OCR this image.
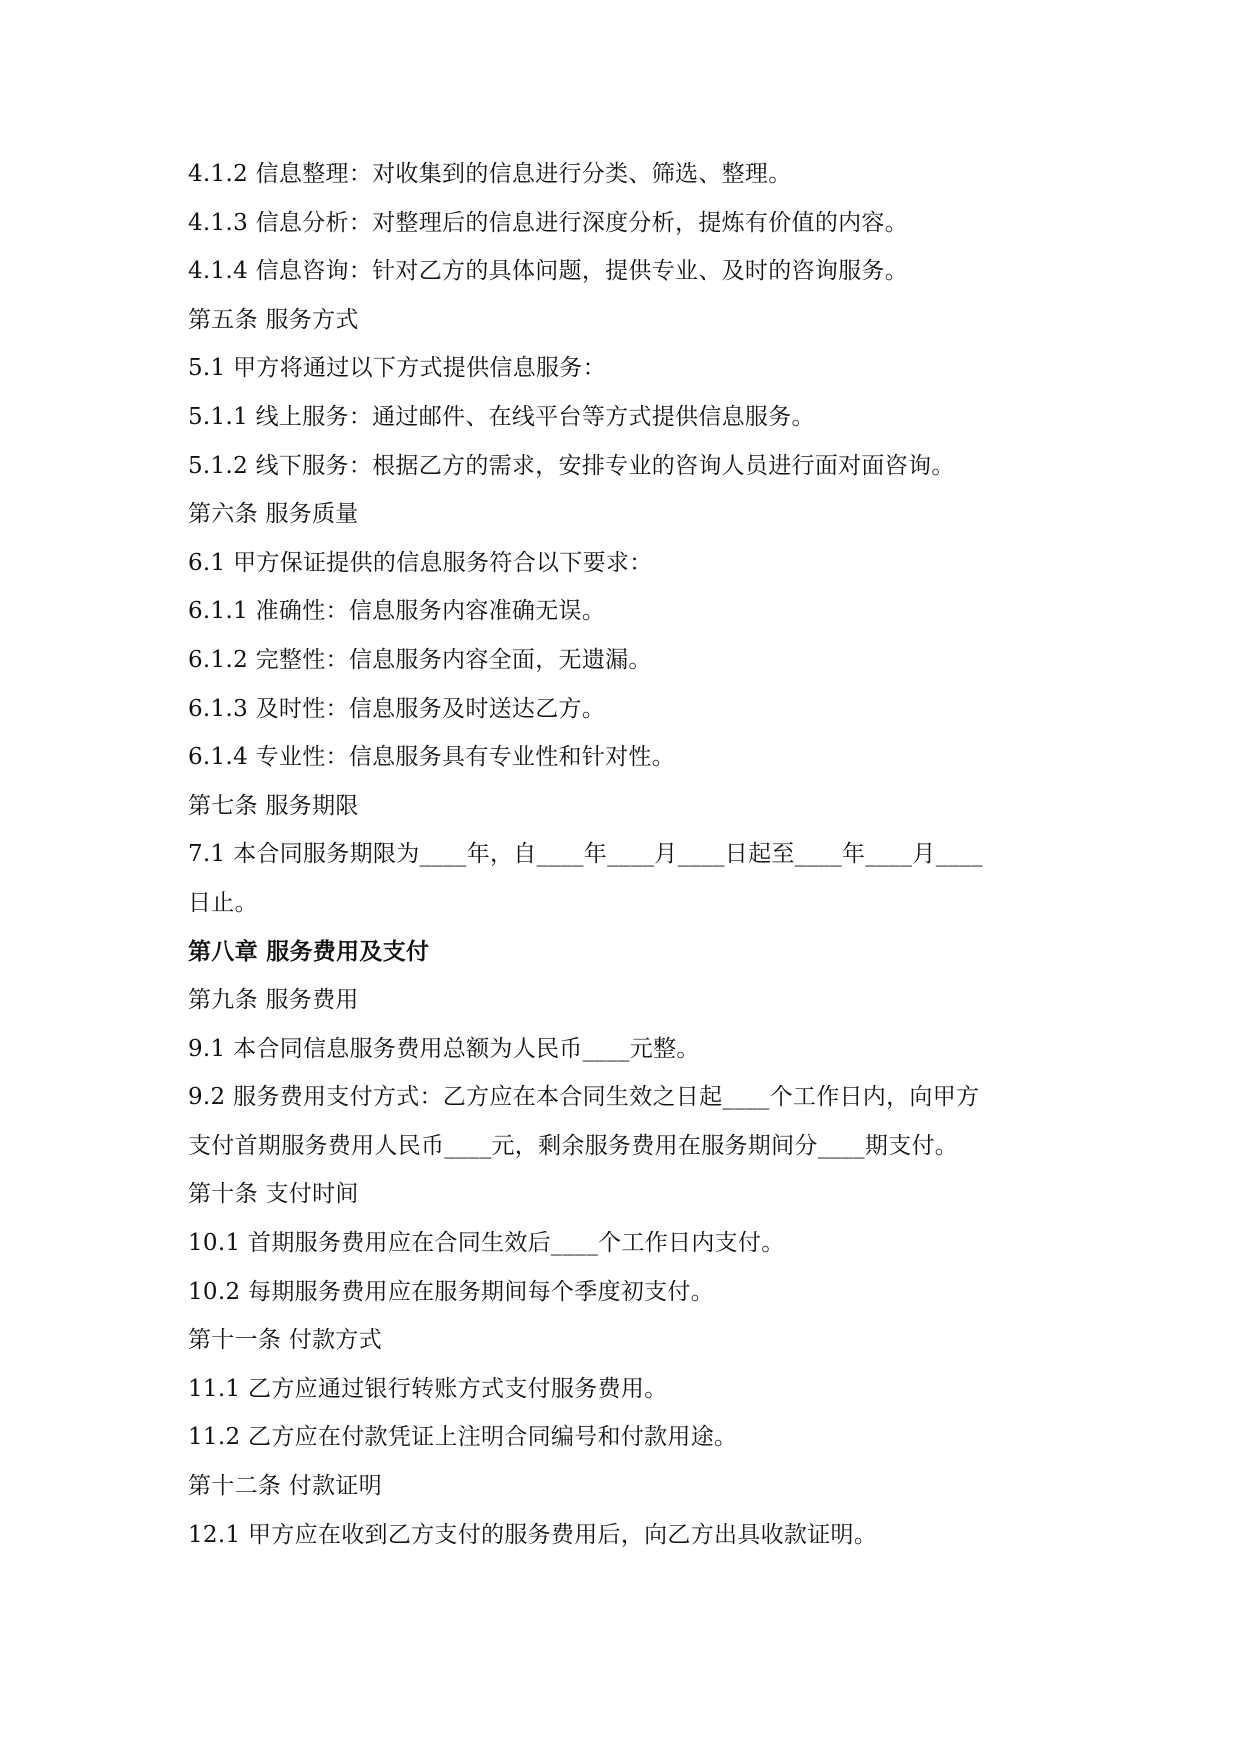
4.1.2 信息整理：对收集到的信息进行分类、筛选、整理。
4.1.3 信息分析：对整理后的信息进行深度分析，提炼有价值的内容。
4.1.4 信息咨询：针对乙方的具体问题，提供专业、及时的咨询服务。
第五条 服务方式
5.1 甲方将通过以下方式提供信息服务：
5.1.1 线上服务：通过邮件、在线平台等方式提供信息服务。
5.1.2 线下服务：根据乙方的需求，安排专业的咨询人员进行面对面咨询。
第六条 服务质量
6.1 甲方保证提供的信息服务符合以下要求：
6.1.1 准确性：信息服务内容准确无误。
6.1.2 完整性：信息服务内容全面，无遗漏。
6.1.3 及时性：信息服务及时送达乙方。
6.1.4 专业性：信息服务具有专业性和针对性。
第七条 服务期限
7.1 本合同服务期限为____年，自____年____月____日起至____年____月____
日止。
第八章 服务费用及支付
第九条 服务费用
9.1 本合同信息服务费用总额为人民币____元整。
9.2 服务费用支付方式：乙方应在本合同生效之日起____个工作日内，向甲方
支付首期服务费用人民币____元，剩余服务费用在服务期间分____期支付。
第十条 支付时间
10.1 首期服务费用应在合同生效后____个工作日内支付。
10.2 每期服务费用应在服务期间每个季度初支付。
第十一条 付款方式
11.1 乙方应通过银行转账方式支付服务费用。
11.2 乙方应在付款凭证上注明合同编号和付款用途。
第十二条 付款证明
12.1 甲方应在收到乙方支付的服务费用后，向乙方出具收款证明。
